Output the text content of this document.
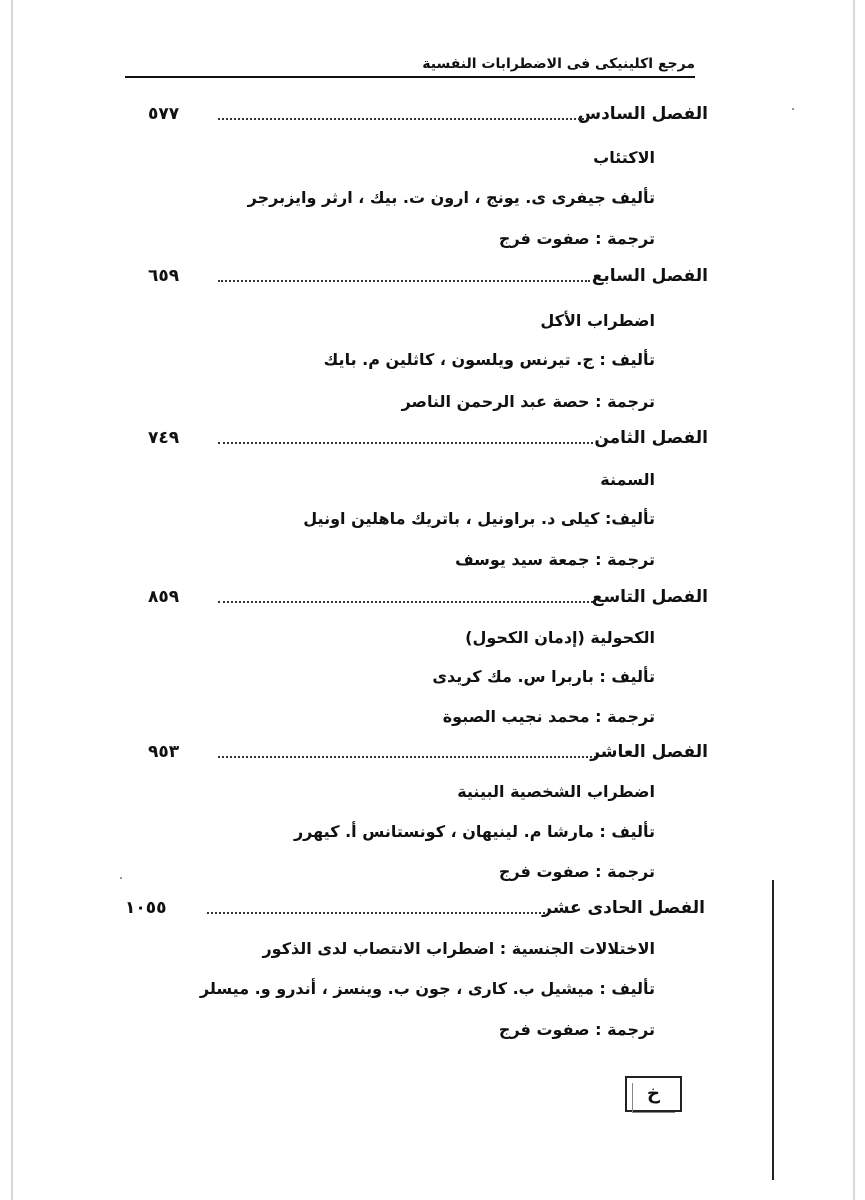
مرجع اكلينيكى فى الاضطرابات النفسية
الفصل السادس
٥٧٧
الاكتئاب
تأليف جيفرى ى. يونج ، ارون ت. بيك ، ارثر وايزبرجر
ترجمة : صفوت فرج
الفصل السابع
٦٥٩
اضطراب الأكل
تأليف : ج. تيرنس ويلسون ، كاثلين م. بايك
ترجمة : حصة عبد الرحمن الناصر
الفصل الثامن
٧٤٩
السمنة
تأليف: كيلى د. براونيل ، باتريك ماهلين اونيل
ترجمة : جمعة سيد يوسف
الفصل التاسع
٨٥٩
الكحولية (إدمان الكحول)
تأليف : باربرا س. مك كريدى
ترجمة : محمد نجيب الصبوة
الفصل العاشر
٩٥٣
اضطراب الشخصية البينية
تأليف : مارشا م. لينيهان ، كونستانس أ. كيهرر
ترجمة : صفوت فرج
الفصل الحادى عشر
١٠٥٥
الاختلالات الجنسية : اضطراب الانتصاب لدى الذكور
تأليف : ميشيل ب. كارى ، جون ب. وينسز ، أندرو و. ميسلر
ترجمة : صفوت فرج
خ
